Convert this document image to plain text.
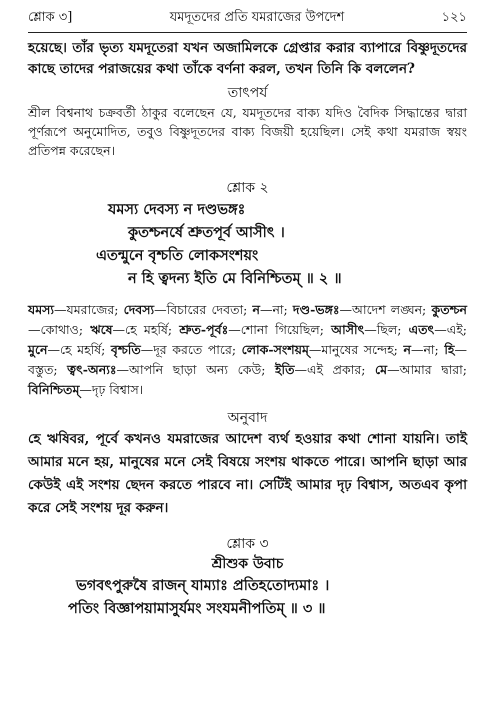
শ্লোক ৩]	যমদূতদের প্রতি যমরাজের উপদেশ	১২১

হয়েছে। তাঁর ভৃত্য যমদূতেরা যখন অজামিলকে গ্রেপ্তার করার ব্যাপারে বিষ্ণুদূতদের কাছে তাদের পরাজয়ের কথা তাঁকে বর্ণনা করল, তখন তিনি কি বললেন?

তাৎপর্য

শ্রীল বিশ্বনাথ চক্রবর্তী ঠাকুর বলেছেন যে, যমদূতদের বাক্য যদিও বৈদিক সিদ্ধান্তের দ্বারা পূর্ণরূপে অনুমোদিত, তবুও বিষ্ণুদূতদের বাক্য বিজয়ী হয়েছিল। সেই কথা যমরাজ স্বয়ং প্রতিপন্ন করেছেন।

শ্লোক ২
যমস্য দেবস্য ন দণ্ডভঙ্গঃ
কুতশ্চনর্ষে শ্রুতপূর্ব আসীৎ ।
এতন্মুনে বৃশ্চতি লোকসংশয়ং
ন হি ত্বদন্য ইতি মে বিনিশ্চিতম্ ॥ ২ ॥

যমস্য—যমরাজের; দেবস্য—বিচারের দেবতা; ন—না; দণ্ড-ভঙ্গঃ—আদেশ লঙ্ঘন; কুতশ্চন—কোথাও; ঋষে—হে মহর্ষি; শ্রুত-পূর্বঃ—শোনা গিয়েছিল; আসীৎ—ছিল; এতৎ—এই; মুনে—হে মহর্ষি; বৃশ্চতি—দূর করতে পারে; লোক-সংশয়ম্—মানুষের সন্দেহ; ন—না; হি—বস্তুত; ত্বৎ-অন্যঃ—আপনি ছাড়া অন্য কেউ; ইতি—এই প্রকার; মে—আমার দ্বারা; বিনিশ্চিতম্—দৃঢ় বিশ্বাস।

অনুবাদ

হে ঋষিবর, পূর্বে কখনও যমরাজের আদেশ ব্যর্থ হওয়ার কথা শোনা যায়নি। তাই আমার মনে হয়, মানুষের মনে সেই বিষয়ে সংশয় থাকতে পারে। আপনি ছাড়া আর কেউই এই সংশয় ছেদন করতে পারবে না। সেটিই আমার দৃঢ় বিশ্বাস, অতএব কৃপা করে সেই সংশয় দূর করুন।

শ্লোক ৩
শ্রীশুক উবাচ
ভগবৎপুরুষৈ রাজন্ যাম্যাঃ প্রতিহতোদ্যমাঃ ।
পতিং বিজ্ঞাপয়ামাসুর্যমং সংযমনীপতিম্ ॥ ৩ ॥
